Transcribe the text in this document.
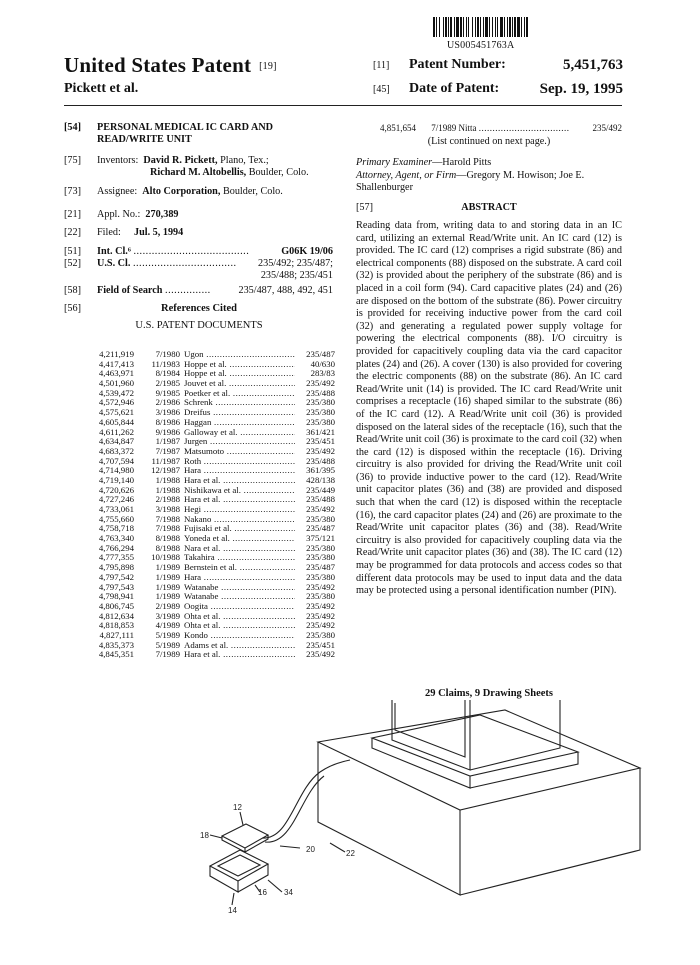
US005451763A
United States Patent [19]
Pickett et al.
[11] Patent Number:	5,451,763
[45] Date of Patent:	Sep. 19, 1995
[54] PERSONAL MEDICAL IC CARD AND
READ/WRITE UNIT
[75] Inventors: David R. Pickett, Plano, Tex.;
Richard M. Altobellis, Boulder, Colo.
[73] Assignee: Alto Corporation, Boulder, Colo.
[21] Appl. No.: 270,389
[22] Filed: Jul. 5, 1994
[51] Int. Cl.⁶ ......................................	G06K 19/06
[52] U.S. Cl. .................................. 235/492; 235/487;

235/488; 235/451
[58] Field of Search ...............	235/487, 488, 492, 451
[56]	References Cited
U.S. PATENT DOCUMENTS
4,211,919	7/1980 Ugon .....	235/487
4,417,413	11/1983 Hoppe et al. .....	40/630
4,463,971	8/1984 Hoppe et al. .....	283/83
4,501,960	2/1985 Jouvet et al. .....	235/492
4,539,472	9/1985 Poetker et al. .....	235/488
4,572,946	2/1986 Schrenk .....	235/380
4,575,621	3/1986 Dreifus .....	235/380
4,605,844	8/1986 Haggan .....	235/380
4,611,262	9/1986 Galloway et al. .....	361/421
4,634,847	1/1987 Jurgen .....	235/451
4,683,372	7/1987 Matsumoto .....	235/492
4,707,594	11/1987 Roth .....	235/488
4,714,980	12/1987 Hara .....	361/395
4,719,140	1/1988 Hara et al. .....	428/138
4,720,626	1/1988 Nishikawa et al. .....	235/449
4,727,246	2/1988 Hara et al. .....	235/488
4,733,061	3/1988 Hegi .....	235/492
4,755,660	7/1988 Nakano .....	235/380
4,758,718	7/1988 Fujisaki et al. .....	235/487
4,763,340	8/1988 Yoneda et al. .....	375/121
4,766,294	8/1988 Nara et al. .....	235/380
4,777,355	10/1988 Takahira .....	235/380
4,795,898	1/1989 Bernstein et al. .....	235/487
4,797,542	1/1989 Hara .....	235/380
4,797,543	1/1989 Watanabe .....	235/492
4,798,941	1/1989 Watanabe .....	235/380
4,806,745	2/1989 Oogita .....	235/492
4,812,634	3/1989 Ohta et al. .....	235/492
4,818,853	4/1989 Ohta et al. .....	235/492
4,827,111	5/1989 Kondo .....	235/380
4,835,373	5/1989 Adams et al. .....	235/451
4,845,351	7/1989 Hara et al. .....	235/492
4,851,654 7/1989 Nitta .................................	235/492
(List continued on next page.)
Primary Examiner—Harold Pitts
Attorney, Agent, or Firm—Gregory M. Howison; Joe E.
Shallenburger
[57]	ABSTRACT
Reading data from, writing data to and storing data in an IC card, utilizing an external Read/Write unit. An IC card (12) is provided. The IC card (12) comprises a rigid substrate (86) and electrical components (88) disposed on the substrate. A card coil (32) is provided about the periphery of the substrate (86) and is placed in a coil form (94). Card capacitive plates (24) and (26) are disposed on the bottom of the substrate (86). Power circuitry is provided for receiving inductive power from the card coil (32) and generating a regulated power supply voltage for powering the electrical components (88). I/O circuitry is provided for capacitively coupling data via the card capacitor plates (24) and (26). A cover (130) is also provided for covering the electric components (88) on the substrate (86). An IC card Read/Write unit (14) is provided. The IC card Read/Write unit comprises a receptacle (16) shaped similar to the substrate (86) of the IC card (12). A Read/Write unit coil (36) is provided disposed on the lateral sides of the receptacle (16), such that the Read/Write unit coil (36) is proximate to the card coil (32) when the card (12) is disposed within the receptacle (16). Driving circuitry is also provided for driving the Read/Write unit coil (36) to provide inductive power to the card (12). Read/Write unit capacitor plates (36) and (38) are provided and disposed such that when the card (12) is disposed within the receptacle (16), the card capacitor plates (24) and (26) are proximate to the Read/Write unit capacitor plates (36) and (38). Read/Write circuitry is also provided for capacitively coupling data via the Read/Write unit capacitor plates (36) and (38). The IC card (12) may be programmed for data protocols and access codes so that different data protocols may be used to input data and the data may be protected using a personal identification number (PIN).
29 Claims, 9 Drawing Sheets
12
18
20	22
16 34
14
